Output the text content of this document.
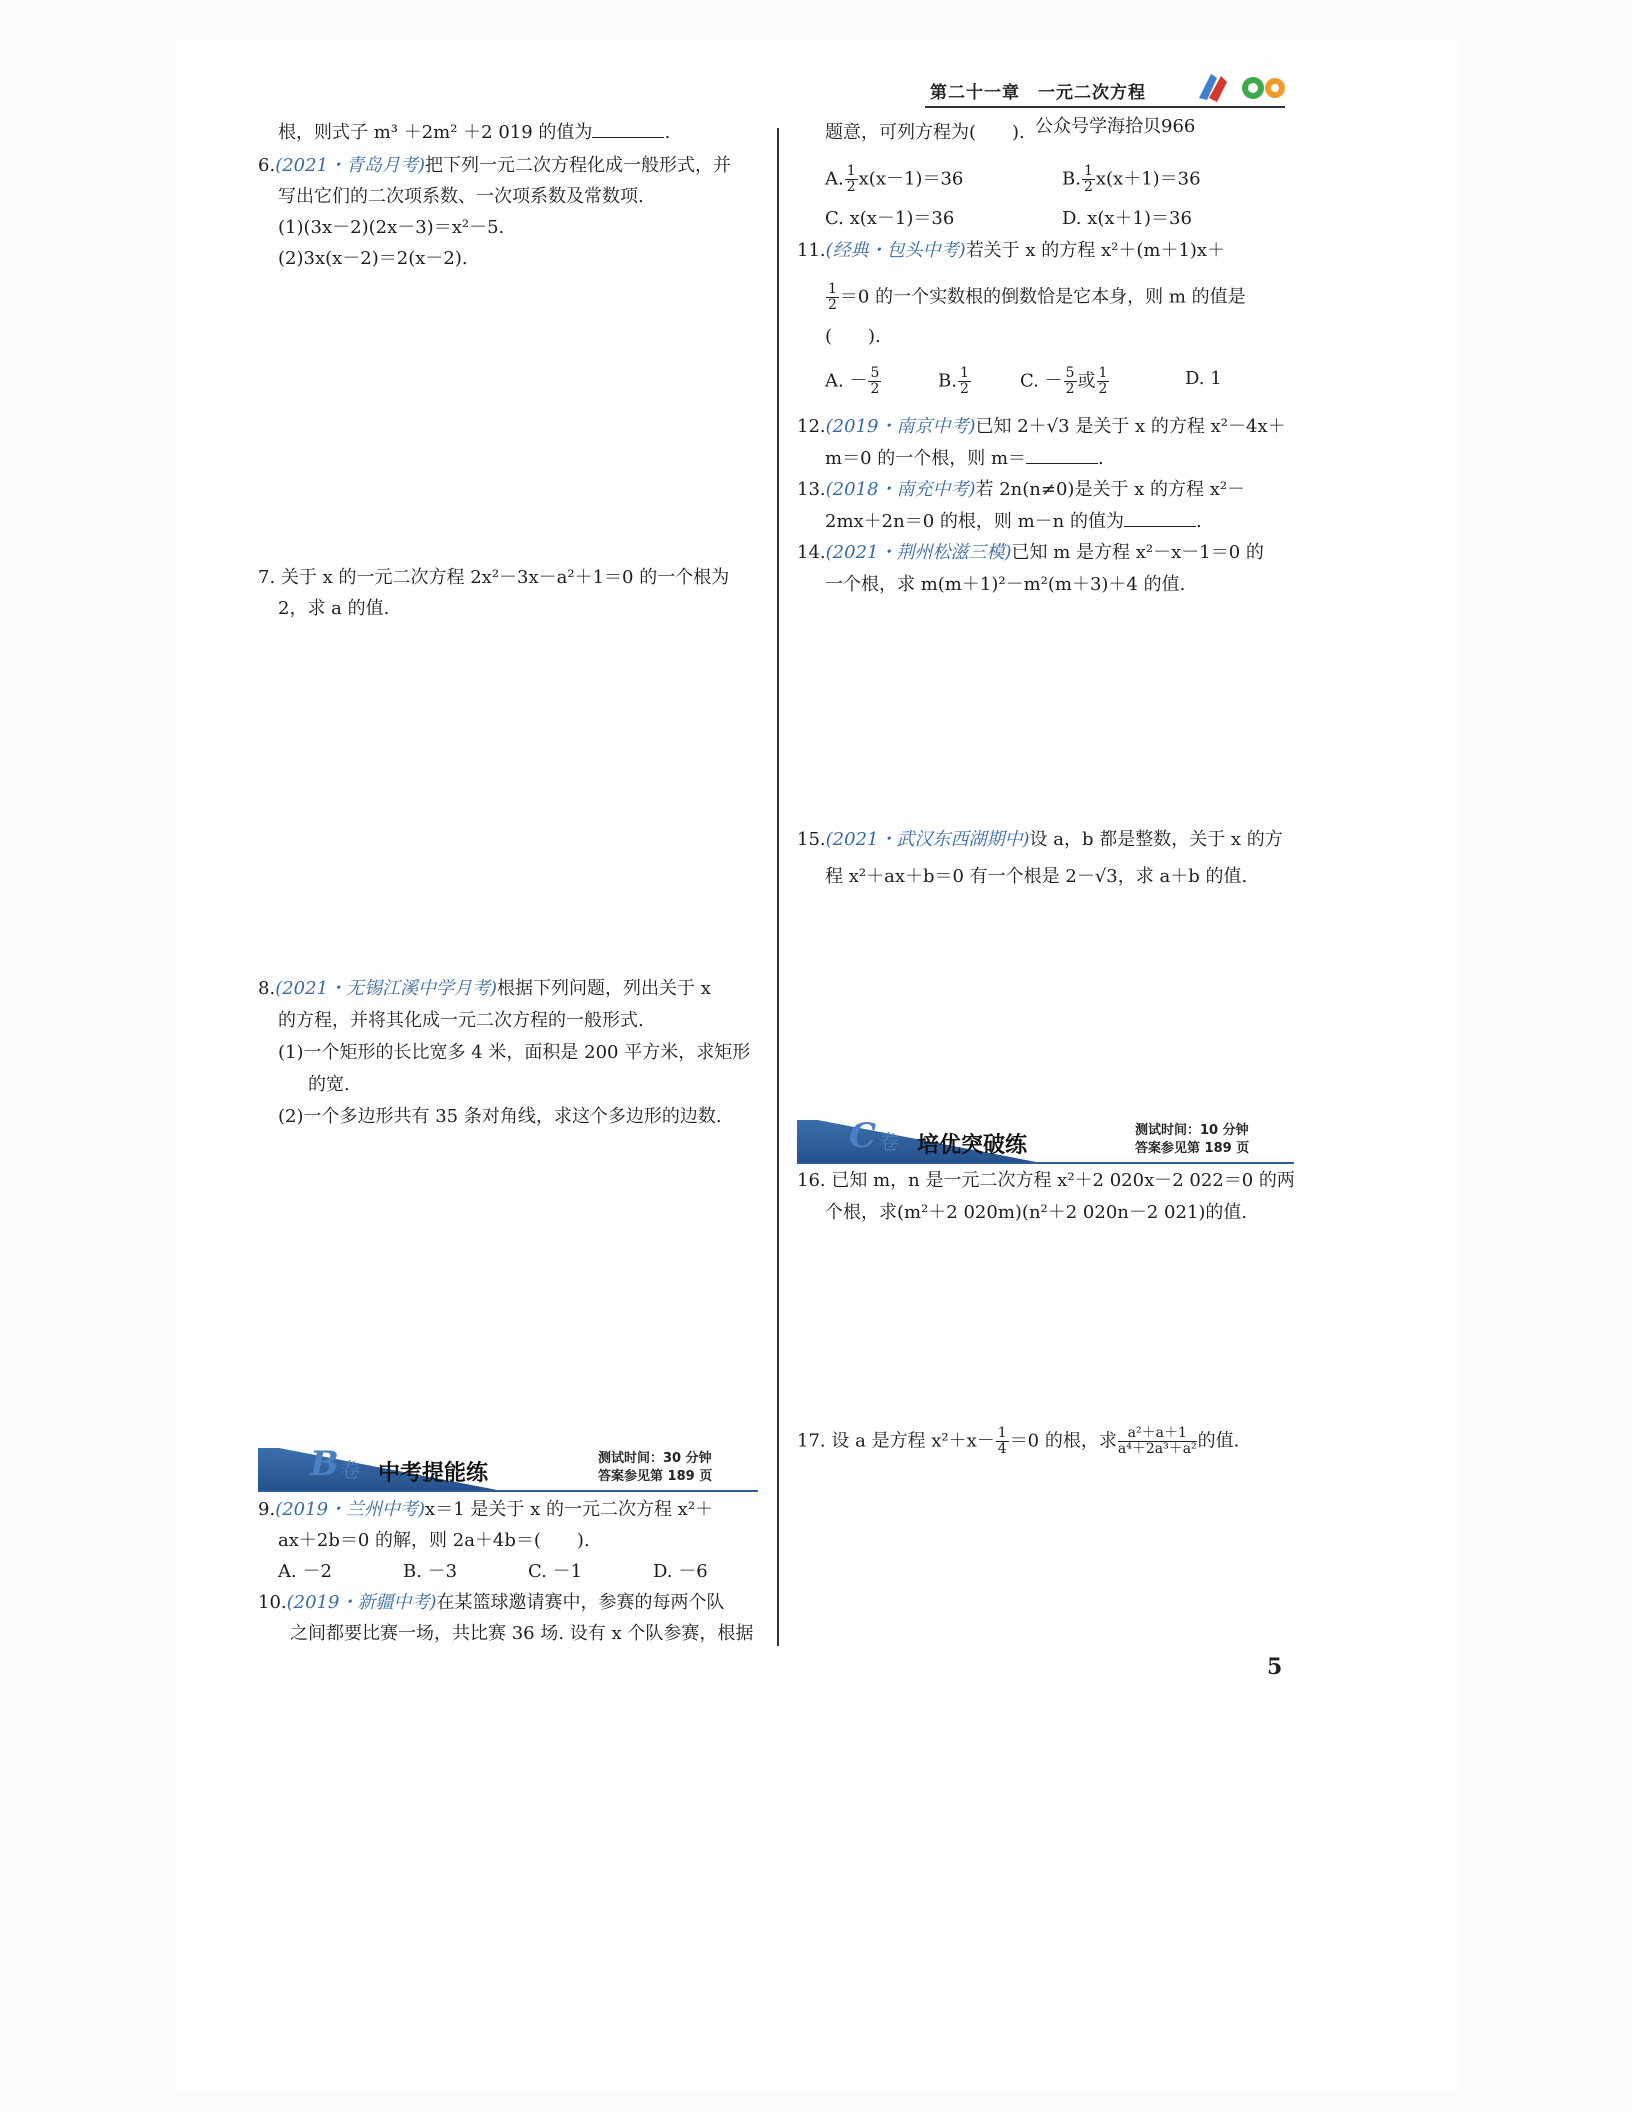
第二十一章　一元二次方程
公众号学海拾贝966
根，则式子 m³ ＋2m² ＋2 019 的值为	.
6.(2021・青岛月考)把下列一元二次方程化成一般形式，并
写出它们的二次项系数、一次项系数及常数项.
(1)(3x－2)(2x－3)＝x²－5.
(2)3x(x－2)＝2(x－2).
7. 关于 x 的一元二次方程 2x²－3x－a²＋1＝0 的一个根为
2，求 a 的值.
8.(2021・无锡江溪中学月考)根据下列问题，列出关于 x
的方程，并将其化成一元二次方程的一般形式.
(1)一个矩形的长比宽多 4 米，面积是 200 平方米，求矩形
的宽.
(2)一个多边形共有 35 条对角线，求这个多边形的边数.
B 卷 中考提能练
测试时间：30 分钟
答案参见第 189 页
9.(2019・兰州中考)x＝1 是关于 x 的一元二次方程 x²＋
ax＋2b＝0 的解，则 2a＋4b＝(　　).
A. －2	B. －3	C. －1	D. －6
10.(2019・新疆中考)在某篮球邀请赛中，参赛的每两个队
之间都要比赛一场，共比赛 36 场. 设有 x 个队参赛，根据
题意，可列方程为(　　).
A. $\frac{1}{2} x(x-1)=36$	B. $\frac{1}{2} x(x+1)=36$
C. x(x－1)＝36	D. x(x＋1)＝36
11.(经典・包头中考)若关于 x 的方程 x²＋(m＋1)x＋
$\frac{1}{2} =0$ 的一个实数根的倒数恰是它本身，则 m 的值是
(　　).
A. － $\frac{5}{2}$	B. $\frac{1}{2}$	C. － $\frac{5}{2}$ 或 $\frac{1}{2}$	D. 1
12.(2019・南京中考)已知 2＋√3 是关于 x 的方程 x²－4x＋
m＝0 的一个根，则 m＝	.
13.(2018・南充中考)若 2n(n≠0)是关于 x 的方程 x²－
2mx＋2n＝0 的根，则 m－n 的值为	.
14.(2021・荆州松滋三模)已知 m 是方程 x²－x－1＝0 的
一个根，求 m(m＋1)²－m²(m＋3)＋4 的值.
15.(2021・武汉东西湖期中)设 a，b 都是整数，关于 x 的方
程 x²＋ax＋b＝0 有一个根是 2－√3，求 a＋b 的值.
C 卷 培优突破练
测试时间：10 分钟
答案参见第 189 页
16. 已知 m，n 是一元二次方程 x²＋2 020x－2 022＝0 的两
个根，求(m²＋2 020m)(n²＋2 020n－2 021)的值.
17. 设 a 是方程 $x^2+x- \frac{1}{4} =0$ 的根，求 $\frac{\text{a²＋a＋1}}{\text{a⁴＋2a³＋a²}}$ 的值.
5
